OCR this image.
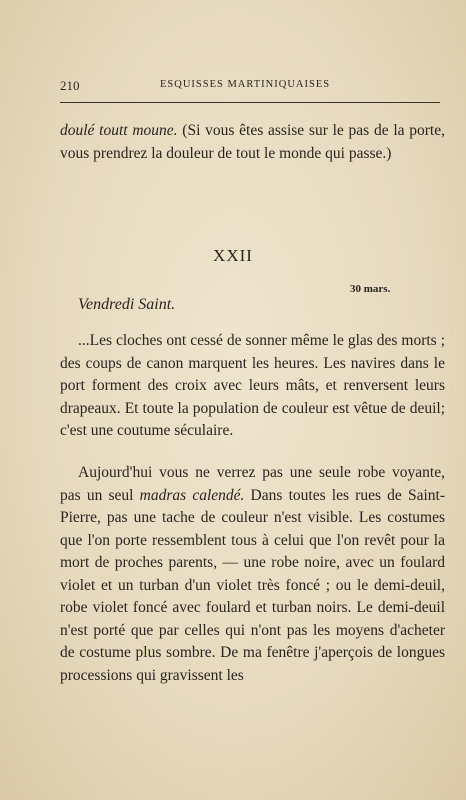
210	ESQUISSES MARTINIQUAISES
doulé toutt moune. (Si vous êtes assise sur le pas de la porte, vous prendrez la douleur de tout le monde qui passe.)
XXII
30 mars.
Vendredi Saint.
...Les cloches ont cessé de sonner même le glas des morts ; des coups de canon marquent les heures. Les navires dans le port forment des croix avec leurs mâts, et renversent leurs drapeaux. Et toute la population de couleur est vêtue de deuil; c'est une coutume séculaire.
Aujourd'hui vous ne verrez pas une seule robe voyante, pas un seul madras calendé. Dans toutes les rues de Saint-Pierre, pas une tache de couleur n'est visible. Les costumes que l'on porte ressemblent tous à celui que l'on revêt pour la mort de proches parents, — une robe noire, avec un foulard violet et un turban d'un violet très foncé ; ou le demi-deuil, robe violet foncé avec foulard et turban noirs. Le demi-deuil n'est porté que par celles qui n'ont pas les moyens d'acheter de costume plus sombre. De ma fenêtre j'aperçois de longues processions qui gravissent les
